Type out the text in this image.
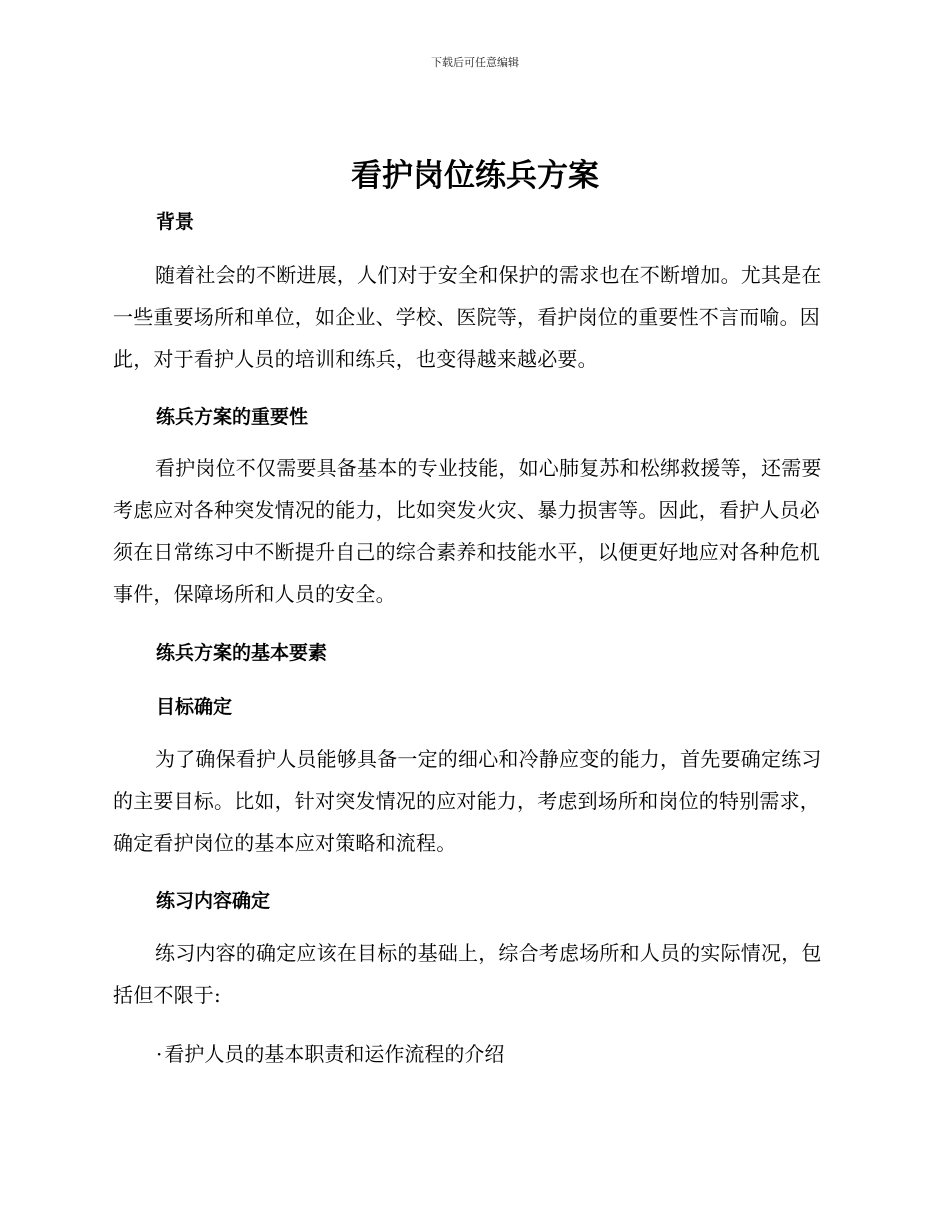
下载后可任意编辑
看护岗位练兵方案
背景

随着社会的不断进展，人们对于安全和保护的需求也在不断增加。尤其是在一些重要场所和单位，如企业、学校、医院等，看护岗位的重要性不言而喻。因此，对于看护人员的培训和练兵，也变得越来越必要。

练兵方案的重要性

看护岗位不仅需要具备基本的专业技能，如心肺复苏和松绑救援等，还需要考虑应对各种突发情况的能力，比如突发火灾、暴力损害等。因此，看护人员必须在日常练习中不断提升自己的综合素养和技能水平，以便更好地应对各种危机事件，保障场所和人员的安全。

练兵方案的基本要素
目标确定

为了确保看护人员能够具备一定的细心和冷静应变的能力，首先要确定练习的主要目标。比如，针对突发情况的应对能力，考虑到场所和岗位的特别需求，确定看护岗位的基本应对策略和流程。

练习内容确定

练习内容的确定应该在目标的基础上，综合考虑场所和人员的实际情况，包括但不限于:

· 看护人员的基本职责和运作流程的介绍
